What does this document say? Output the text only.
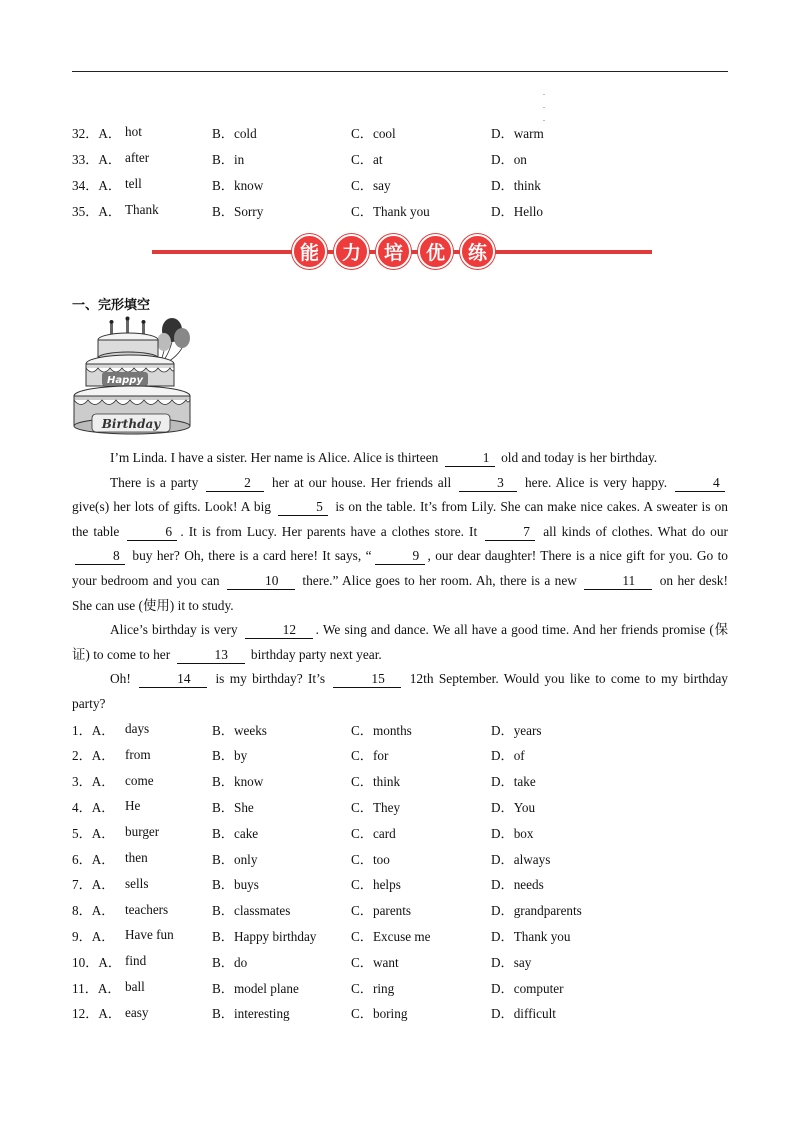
.
.
.
32．A． hot	B．cold	C．cool	D．warm
33．A． after	B．in	C．at	D．on
34．A． tell	B．know	C．say	D．think
35．A． Thank	B．Sorry	C．Thank you	D．Hello
能	力	培	优	练
一、完形填空
Happy
Birthday

I’m Linda. I have a sister. Her name is Alice. Alice is thirteen	1 old and today is her birthday.

There is a party	2 her at our house. Her friends all	3 here. Alice is very happy.	4 give(s) her lots of gifts. Look! A big	5 is on the table. It’s from Lily. She can make nice cakes. A sweater is on the table	6 . It is from Lucy. Her parents have a clothes store. It	7 all kinds of clothes. What do our 8 buy her? Oh, there is a card here! It says, “	9 , our dear daughter! There is a nice gift for you. Go to your bedroom and you can	10 there.” Alice goes to her room. Ah, there is a new	11 on her desk! She can use (使用) it to study.

Alice’s birthday is very	12 . We sing and dance. We all have a good time. And her friends promise (保证) to come to her	13 birthday party next year.

Oh!	14 is my birthday? It’s	15 12th September. Would you like to come to my birthday party?

1．A． days	B．weeks	C．months	D．years
2．A． from	B．by	C．for	D．of
3．A． come	B．know	C．think	D．take
4．A． He	B．She	C．They	D．You
5．A． burger	B．cake	C．card	D．box
6．A． then	B．only	C．too	D．always
7．A． sells	B．buys	C．helps	D．needs
8．A． teachers	B．classmates	C．parents	D．grandparents
9．A． Have fun	B．Happy birthday	C．Excuse me	D．Thank you
10．A． find	B．do	C．want	D．say
11．A． ball	B．model plane	C．ring	D．computer
12．A． easy	B．interesting	C．boring	D．difficult
